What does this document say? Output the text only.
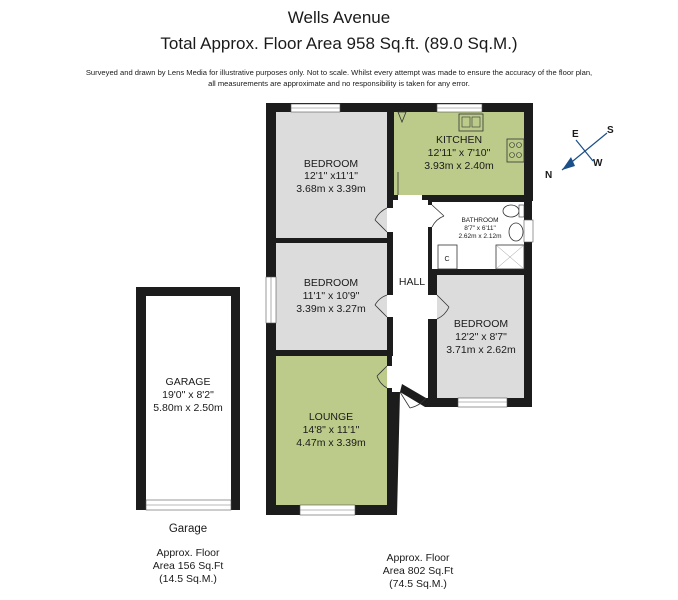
Wells Avenue
Total Approx. Floor Area 958 Sq.ft. (89.0 Sq.M.)
Surveyed and drawn by Lens Media for illustrative purposes only. Not to scale. Whilst every attempt was made to ensure the accuracy of the floor plan,
all measurements are approximate and no responsibility is taken for any error.
BEDROOM
12'1" x11'1"
3.68m x 3.39m
KITCHEN
12'11" x 7'10"
3.93m x 2.40m
BATHROOM
8'7" x 6'11"
2.62m x 2.12m
C
BEDROOM
11'1" x 10'9"
3.39m x 3.27m
HALL
BEDROOM
12'2" x 8'7"
3.71m x 2.62m
LOUNGE
14'8" x 11'1"
4.47m x 3.39m
GARAGE
19'0" x 8'2"
5.80m x 2.50m
E	S
W
N
Garage
Approx. Floor
Area 156 Sq.Ft
(14.5 Sq.M.)
Approx. Floor
Area 802 Sq.Ft
(74.5 Sq.M.)
